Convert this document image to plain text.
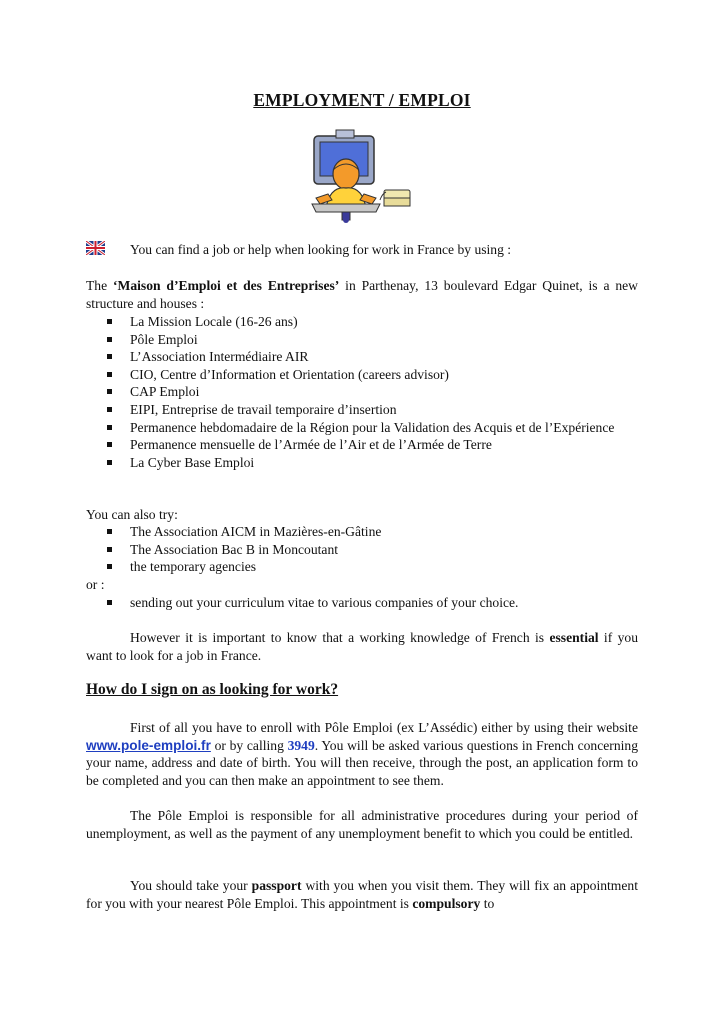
EMPLOYMENT / EMPLOI
You can find a job or help when looking for work in France by using :
The ‘Maison d’Emploi et des Entreprises’ in Parthenay, 13 boulevard Edgar Quinet, is a new structure and houses :
La Mission Locale (16-26 ans)
Pôle Emploi
L’Association Intermédiaire AIR
CIO, Centre d’Information et Orientation (careers advisor)
CAP Emploi
EIPI, Entreprise de travail temporaire d’insertion
Permanence hebdomadaire de la Région pour la Validation des Acquis et de l’Expérience
Permanence mensuelle de l’Armée de l’Air et de l’Armée de Terre
La Cyber Base Emploi
You can also try:
The Association AICM in Mazières-en-Gâtine
The Association Bac B in Moncoutant
the temporary agencies
or :
sending out your curriculum vitae to various companies of your choice.
However it is important to know that a working knowledge of French is essential if you want to look for a job in France.
How do I sign on as looking for work?
First of all you have to enroll with Pôle Emploi (ex L’Assédic) either by using their website www.pole-emploi.fr or by calling 3949. You will be asked various questions in French concerning your name, address and date of birth. You will then receive, through the post, an application form to be completed and you can then make an appointment to see them.
The Pôle Emploi is responsible for all administrative procedures during your period of unemployment, as well as the payment of any unemployment benefit to which you could be entitled.
You should take your passport with you when you visit them. They will fix an appointment for you with your nearest Pôle Emploi. This appointment is compulsory to
